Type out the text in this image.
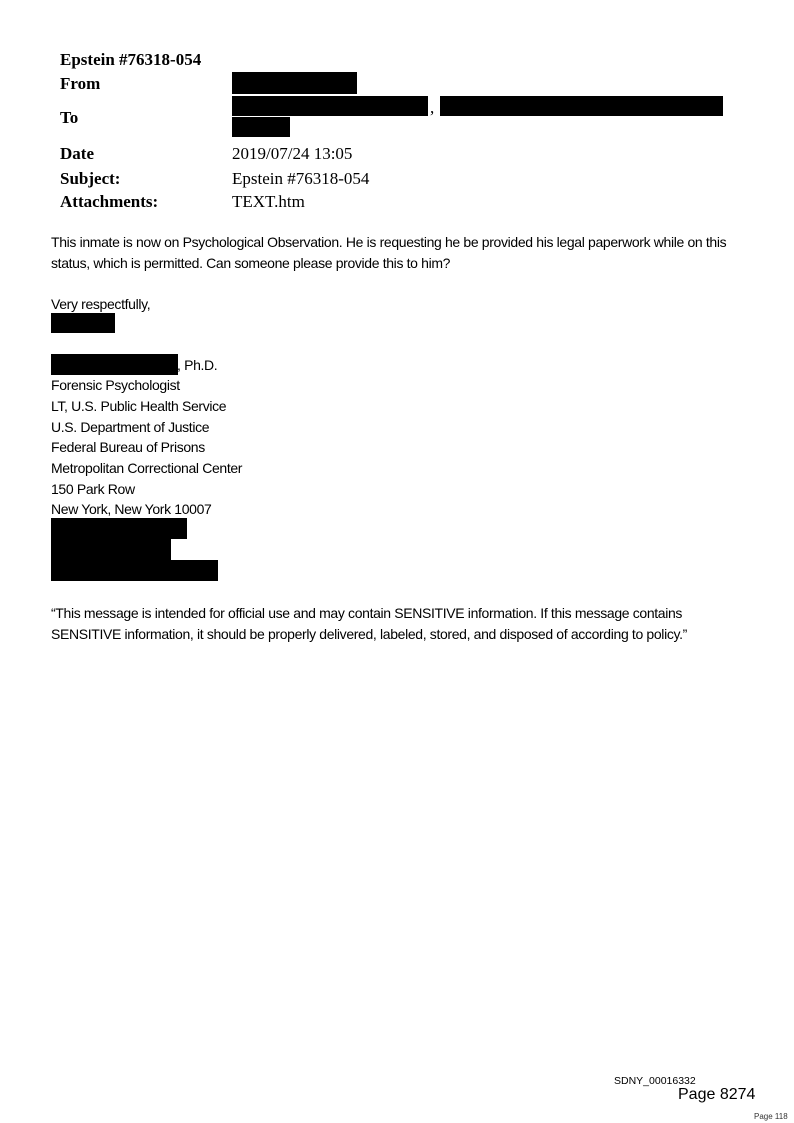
Epstein #76318-054
From
To
,
Date	2019/07/24 13:05
Subject:	Epstein #76318-054
Attachments:	TEXT.htm
This inmate is now on Psychological Observation. He is requesting he be provided his legal paperwork while on this status, which is permitted. Can someone please provide this to him?
Very respectfully,
, Ph.D.
Forensic Psychologist
LT, U.S. Public Health Service
U.S. Department of Justice
Federal Bureau of Prisons
Metropolitan Correctional Center
150 Park Row
New York, New York 10007
“This message is intended for official use and may contain SENSITIVE information. If this message contains SENSITIVE information, it should be properly delivered, labeled, stored, and disposed of according to policy.”
SDNY_00016332
Page 8274
Page 118
